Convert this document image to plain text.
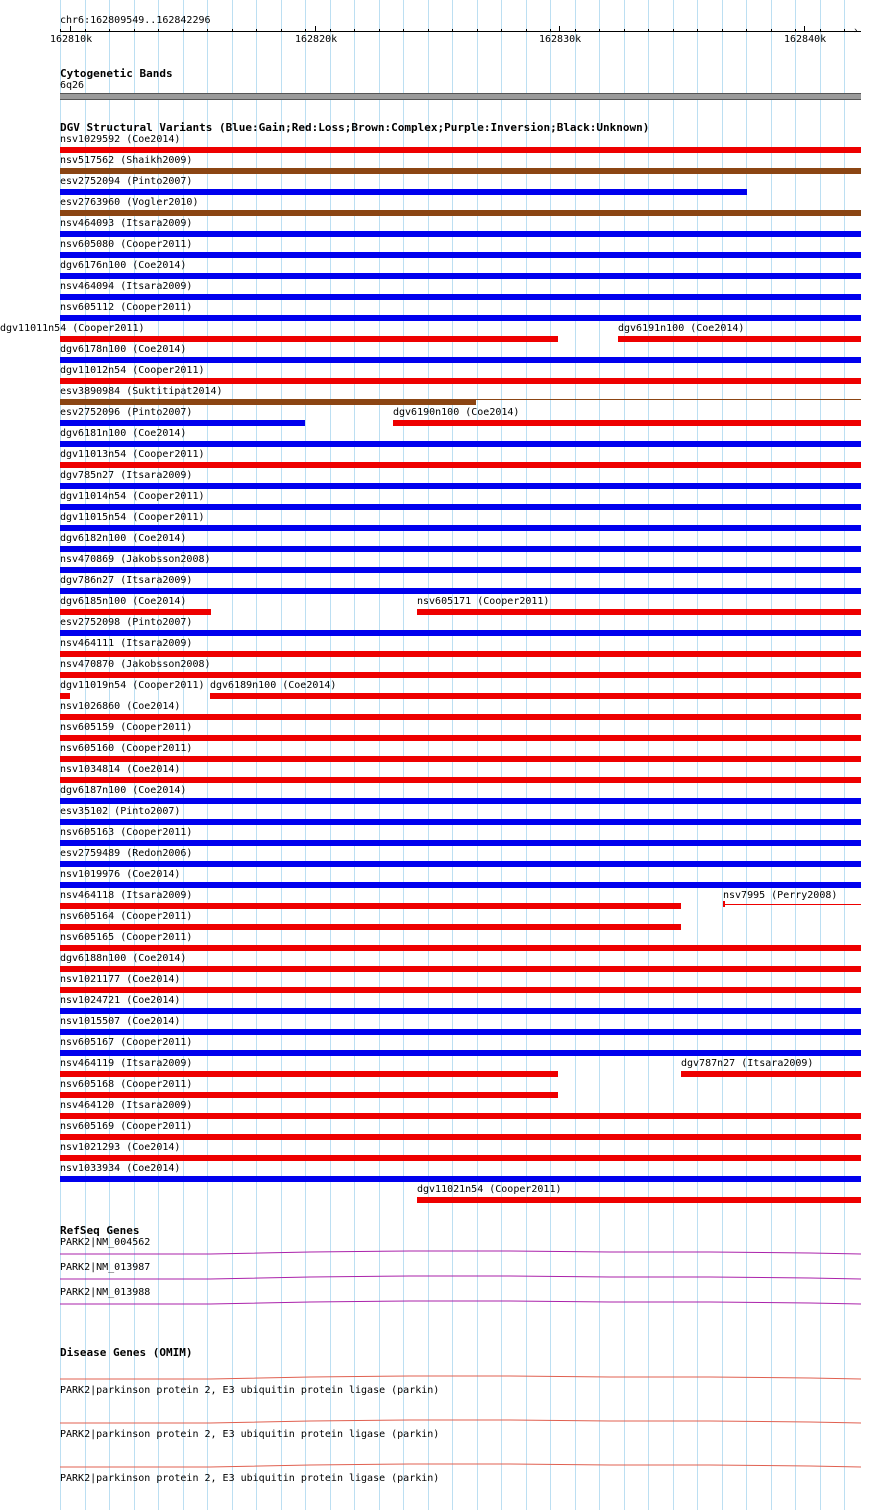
chr6:162809549..162842296
›
162810k	162820k	162830k	162840k
Cytogenetic Bands
6q26
DGV Structural Variants (Blue:Gain;Red:Loss;Brown:Complex;Purple:Inversion;Black:Unknown)
nsv1029592 (Coe2014)
nsv517562 (Shaikh2009)
esv2752094 (Pinto2007)
esv2763960 (Vogler2010)
nsv464093 (Itsara2009)
nsv605080 (Cooper2011)
dgv6176n100 (Coe2014)
nsv464094 (Itsara2009)
nsv605112 (Cooper2011)
dgv11011n54 (Cooper2011)	dgv6191n100 (Coe2014)
dgv6178n100 (Coe2014)
dgv11012n54 (Cooper2011)
esv3890984 (Suktitipat2014)
esv2752096 (Pinto2007)	dgv6190n100 (Coe2014)
dgv6181n100 (Coe2014)
dgv11013n54 (Cooper2011)
dgv785n27 (Itsara2009)
dgv11014n54 (Cooper2011)
dgv11015n54 (Cooper2011)
dgv6182n100 (Coe2014)
nsv470869 (Jakobsson2008)
dgv786n27 (Itsara2009)
dgv6185n100 (Coe2014)	nsv605171 (Cooper2011)
esv2752098 (Pinto2007)
nsv464111 (Itsara2009)
nsv470870 (Jakobsson2008)
dgv11019n54 (Cooper2011) dgv6189n100 (Coe2014)
nsv1026860 (Coe2014)
nsv605159 (Cooper2011)
nsv605160 (Cooper2011)
nsv1034814 (Coe2014)
dgv6187n100 (Coe2014)
esv35102 (Pinto2007)
nsv605163 (Cooper2011)
esv2759489 (Redon2006)
nsv1019976 (Coe2014)
nsv464118 (Itsara2009)	nsv7995 (Perry2008)
nsv605164 (Cooper2011)
nsv605165 (Cooper2011)
dgv6188n100 (Coe2014)
nsv1021177 (Coe2014)
nsv1024721 (Coe2014)
nsv1015507 (Coe2014)
nsv605167 (Cooper2011)
nsv464119 (Itsara2009)	dgv787n27 (Itsara2009)
nsv605168 (Cooper2011)
nsv464120 (Itsara2009)
nsv605169 (Cooper2011)
nsv1021293 (Coe2014)
nsv1033934 (Coe2014)
dgv11021n54 (Cooper2011)
RefSeq Genes
PARK2|NM_004562
PARK2|NM_013987
PARK2|NM_013988
Disease Genes (OMIM)
PARK2|parkinson protein 2, E3 ubiquitin protein ligase (parkin)
PARK2|parkinson protein 2, E3 ubiquitin protein ligase (parkin)
PARK2|parkinson protein 2, E3 ubiquitin protein ligase (parkin)
